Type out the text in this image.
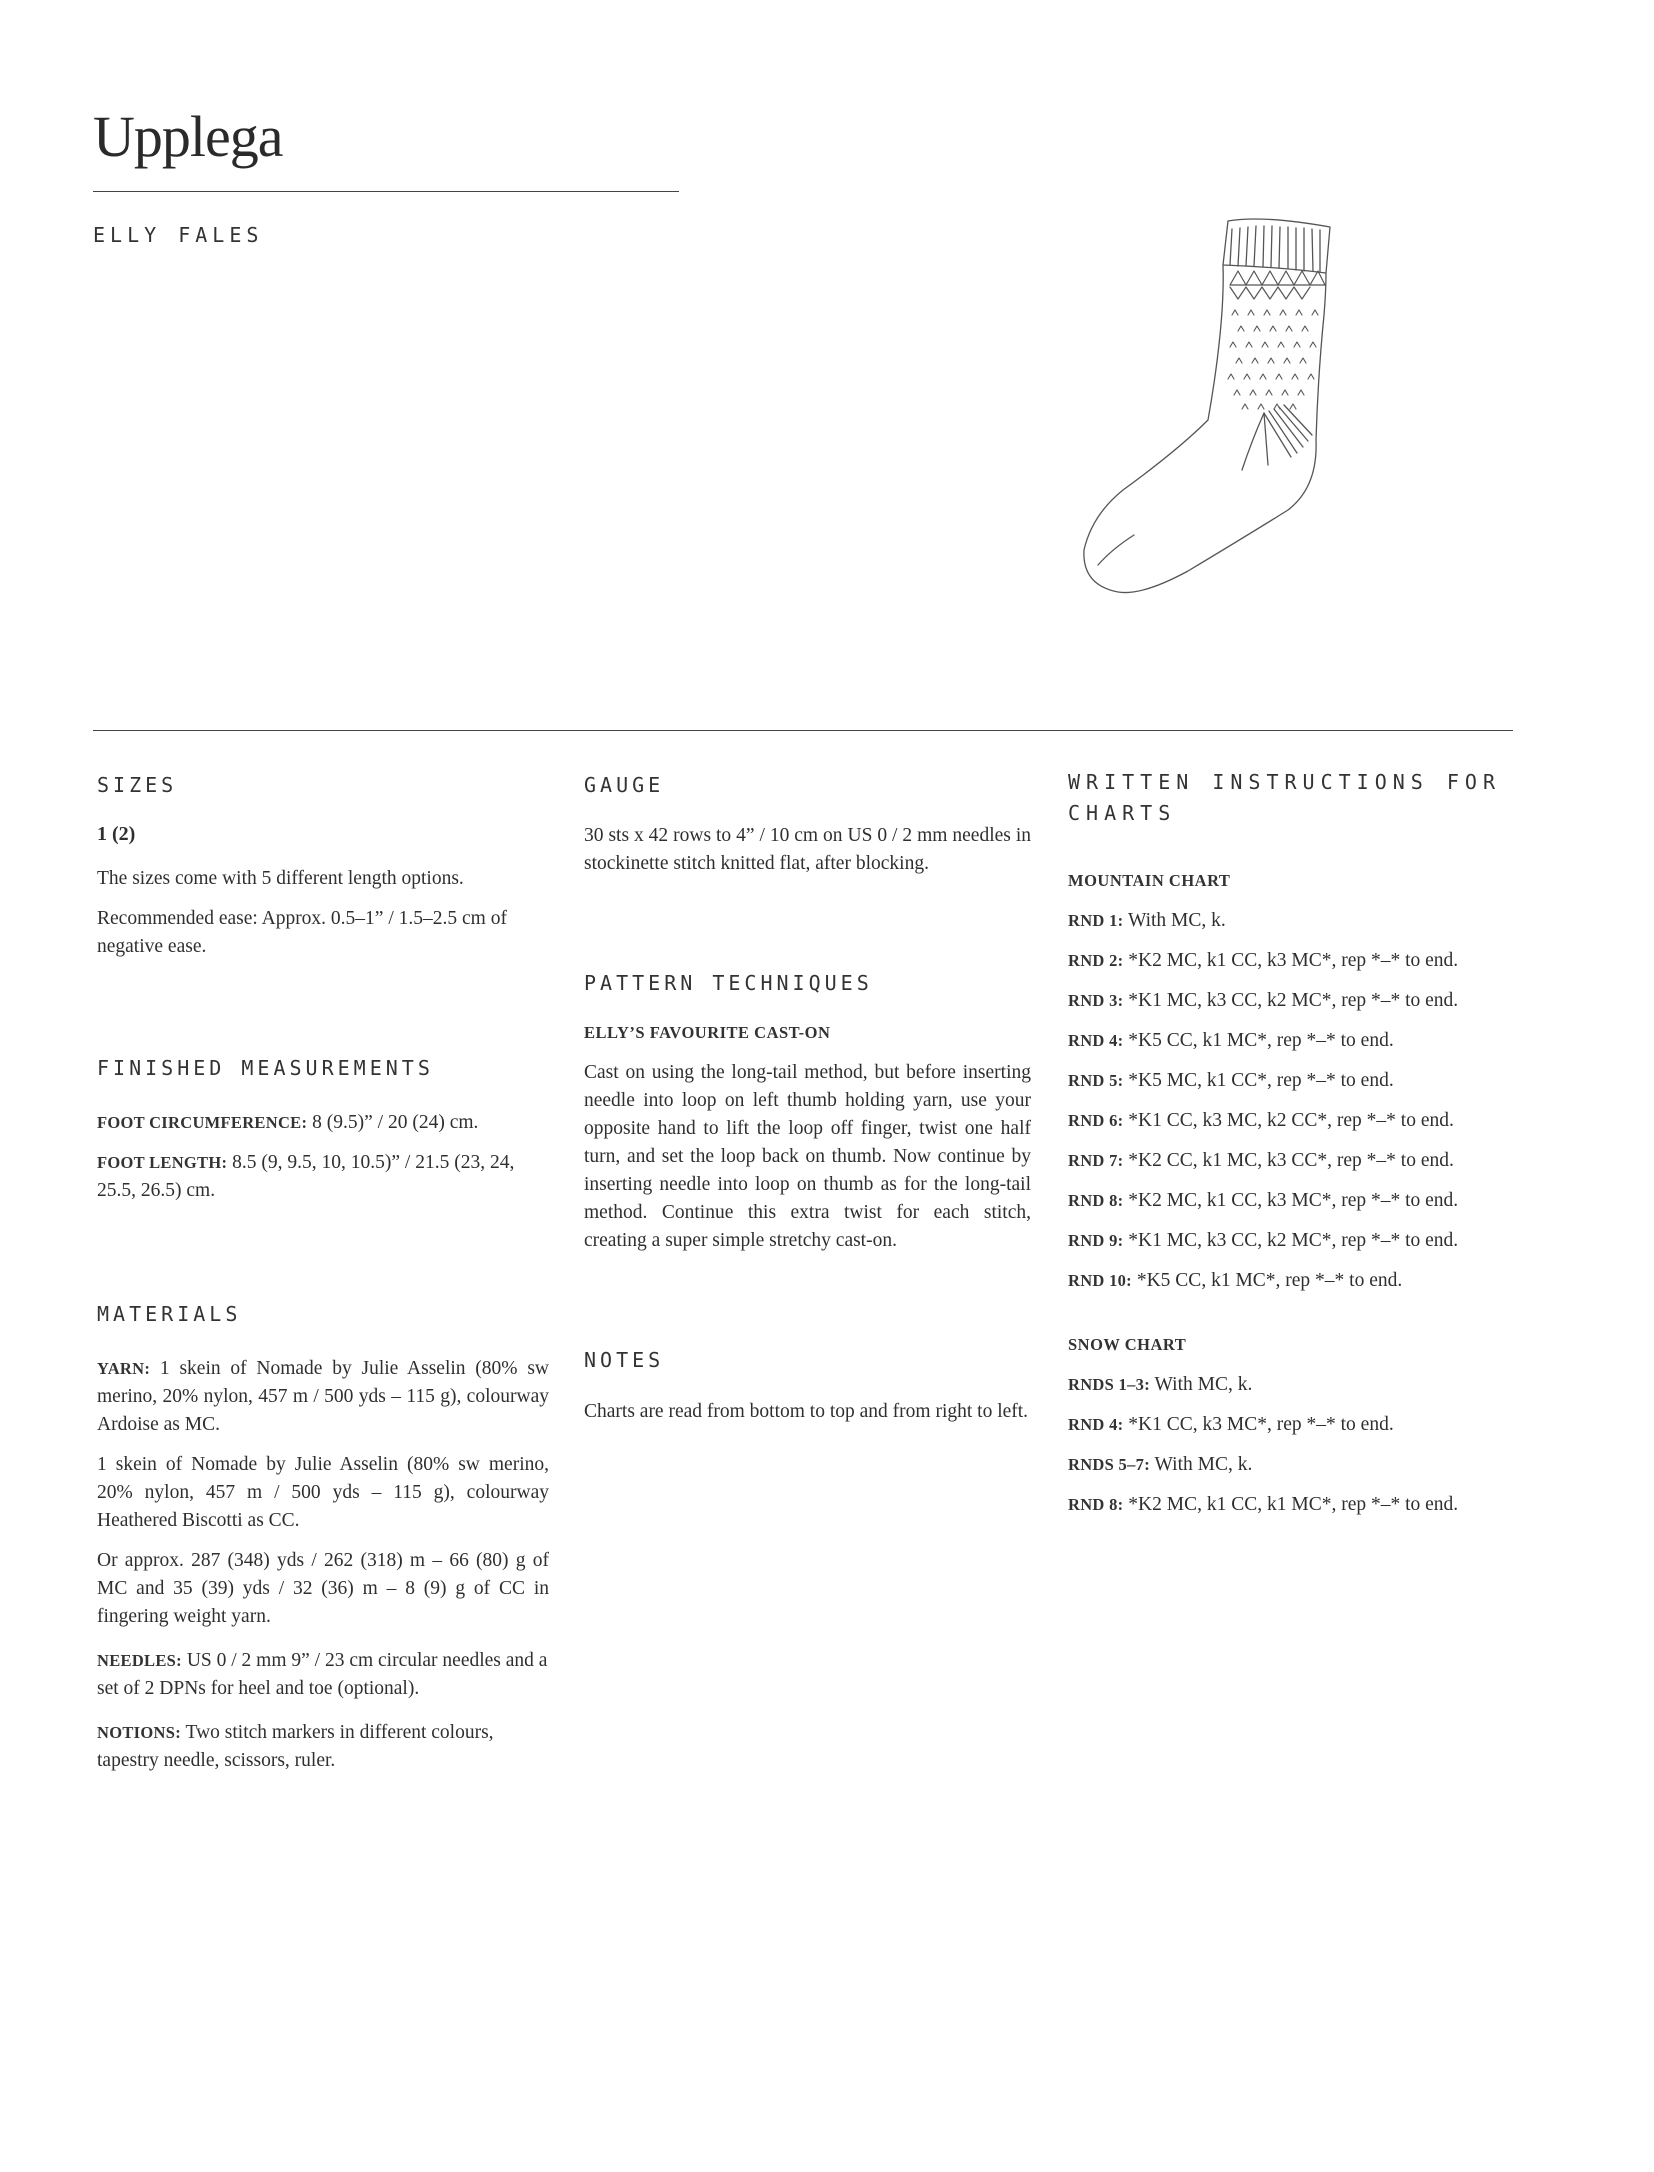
Upplega
ELLY FALES
SIZES

1 (2)

The sizes come with 5 different length options.

Recommended ease: Approx. 0.5–1” / 1.5–2.5 cm of negative ease.

FINISHED MEASUREMENTS

FOOT CIRCUMFERENCE: 8 (9.5)” / 20 (24) cm.

FOOT LENGTH: 8.5 (9, 9.5, 10, 10.5)” / 21.5 (23, 24, 25.5, 26.5) cm.

MATERIALS

YARN: 1 skein of Nomade by Julie Asselin (80% sw merino, 20% nylon, 457 m / 500 yds – 115 g), colourway Ardoise as MC.

1 skein of Nomade by Julie Asselin (80% sw merino, 20% nylon, 457 m / 500 yds – 115 g), colourway Heathered Biscotti as CC.

Or approx. 287 (348) yds / 262 (318) m – 66 (80) g of MC and 35 (39) yds / 32 (36) m – 8 (9) g of CC in fingering weight yarn.

NEEDLES: US 0 / 2 mm 9” / 23 cm circular needles and a set of 2 DPNs for heel and toe (optional).

NOTIONS: Two stitch markers in different colours, tapestry needle, scissors, ruler.

GAUGE

30 sts x 42 rows to 4” / 10 cm on US 0 / 2 mm needles in stockinette stitch knitted flat, after blocking.

PATTERN TECHNIQUES

ELLY’S FAVOURITE CAST-ON

Cast on using the long-tail method, but before inserting needle into loop on left thumb holding yarn, use your opposite hand to lift the loop off finger, twist one half turn, and set the loop back on thumb. Now continue by inserting needle into loop on thumb as for the long-tail method. Continue this extra twist for each stitch, creating a super simple stretchy cast-on.

NOTES

Charts are read from bottom to top and from right to left.

WRITTEN INSTRUCTIONS FOR
CHARTS

MOUNTAIN CHART

RND 1: With MC, k.

RND 2: *K2 MC, k1 CC, k3 MC*, rep *–* to end.

RND 3: *K1 MC, k3 CC, k2 MC*, rep *–* to end.

RND 4: *K5 CC, k1 MC*, rep *–* to end.

RND 5: *K5 MC, k1 CC*, rep *–* to end.

RND 6: *K1 CC, k3 MC, k2 CC*, rep *–* to end.

RND 7: *K2 CC, k1 MC, k3 CC*, rep *–* to end.

RND 8: *K2 MC, k1 CC, k3 MC*, rep *–* to end.

RND 9: *K1 MC, k3 CC, k2 MC*, rep *–* to end.

RND 10: *K5 CC, k1 MC*, rep *–* to end.

SNOW CHART

RNDS 1–3: With MC, k.

RND 4: *K1 CC, k3 MC*, rep *–* to end.

RNDS 5–7: With MC, k.

RND 8: *K2 MC, k1 CC, k1 MC*, rep *–* to end.
